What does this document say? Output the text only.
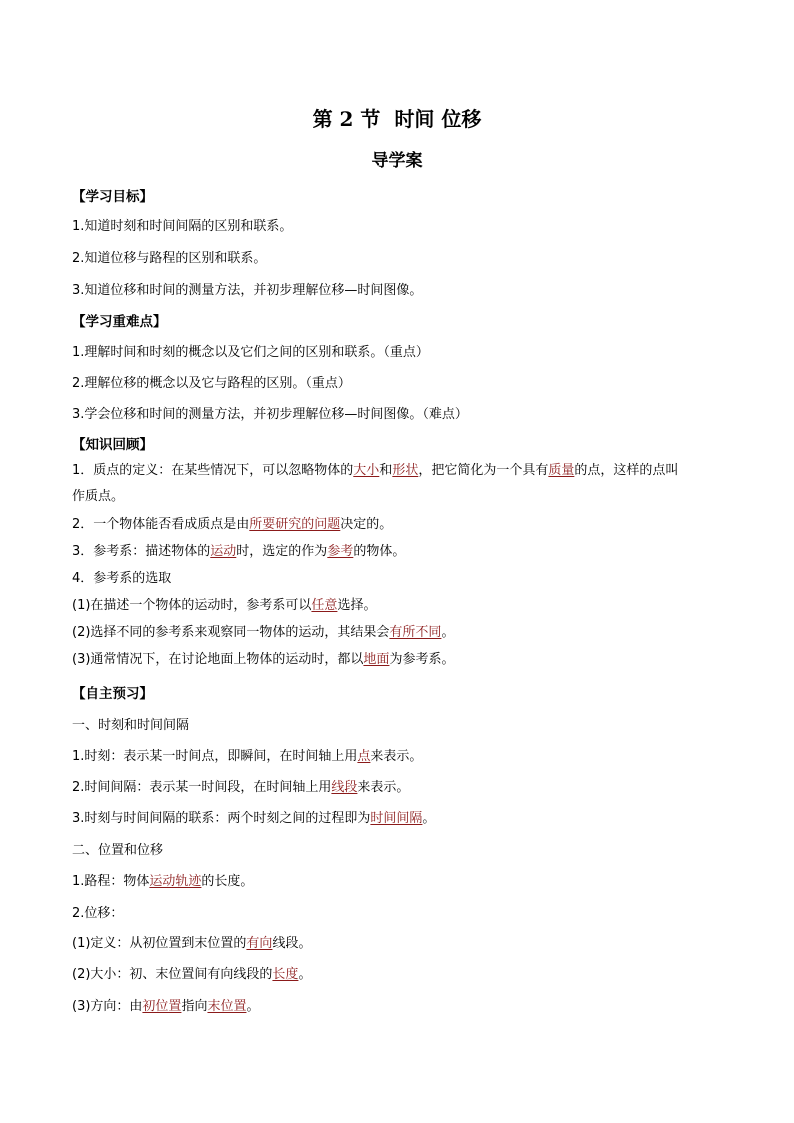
第 2 节 时间 位移
导学案
【学习目标】
1.知道时刻和时间间隔的区别和联系。
2.知道位移与路程的区别和联系。
3.知道位移和时间的测量方法，并初步理解位移—时间图像。
【学习重难点】
1.理解时间和时刻的概念以及它们之间的区别和联系。（重点）
2.理解位移的概念以及它与路程的区别。（重点）
3.学会位移和时间的测量方法，并初步理解位移—时间图像。（难点）
【知识回顾】
1．质点的定义：在某些情况下，可以忽略物体的大小和形状，把它简化为一个具有质量的点，这样的点叫
作质点。
2．一个物体能否看成质点是由所要研究的问题决定的。
3．参考系：描述物体的运动时，选定的作为参考的物体。
4．参考系的选取
(1)在描述一个物体的运动时，参考系可以任意选择。
(2)选择不同的参考系来观察同一物体的运动，其结果会有所不同。
(3)通常情况下，在讨论地面上物体的运动时，都以地面为参考系。
【自主预习】
一、时刻和时间间隔
1.时刻：表示某一时间点，即瞬间，在时间轴上用点来表示。
2.时间间隔：表示某一时间段，在时间轴上用线段来表示。
3.时刻与时间间隔的联系：两个时刻之间的过程即为时间间隔。
二、位置和位移
1.路程：物体运动轨迹的长度。
2.位移：
(1)定义：从初位置到末位置的有向线段。
(2)大小：初、末位置间有向线段的长度。
(3)方向：由初位置指向末位置。
